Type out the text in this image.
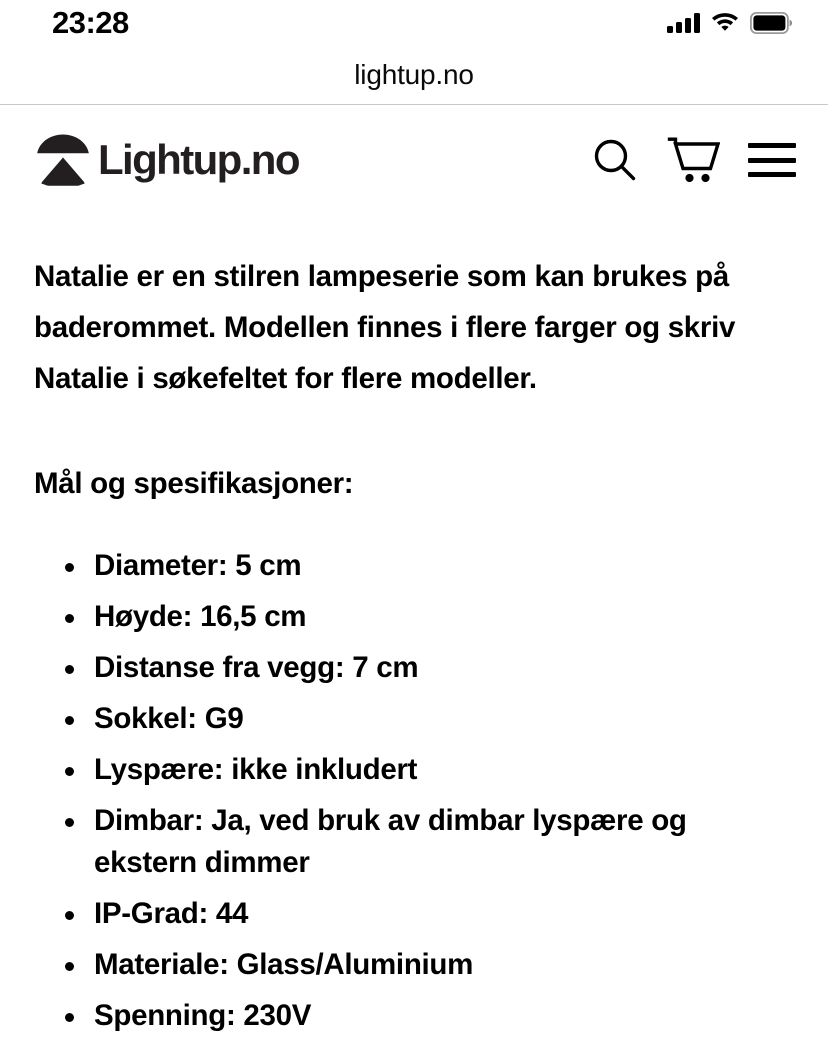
23:28
lightup.no
Lightup.no

Natalie er en stilren lampeserie som kan brukes på baderommet. Modellen finnes i flere farger og skriv Natalie i søkefeltet for flere modeller.

Mål og spesifikasjoner:

Diameter: 5 cm
Høyde: 16,5 cm
Distanse fra vegg: 7 cm
Sokkel: G9
Lyspære: ikke inkludert
Dimbar: Ja, ved bruk av dimbar lyspære og ekstern dimmer
IP-Grad: 44
Materiale: Glass/Aluminium
Spenning: 230V
